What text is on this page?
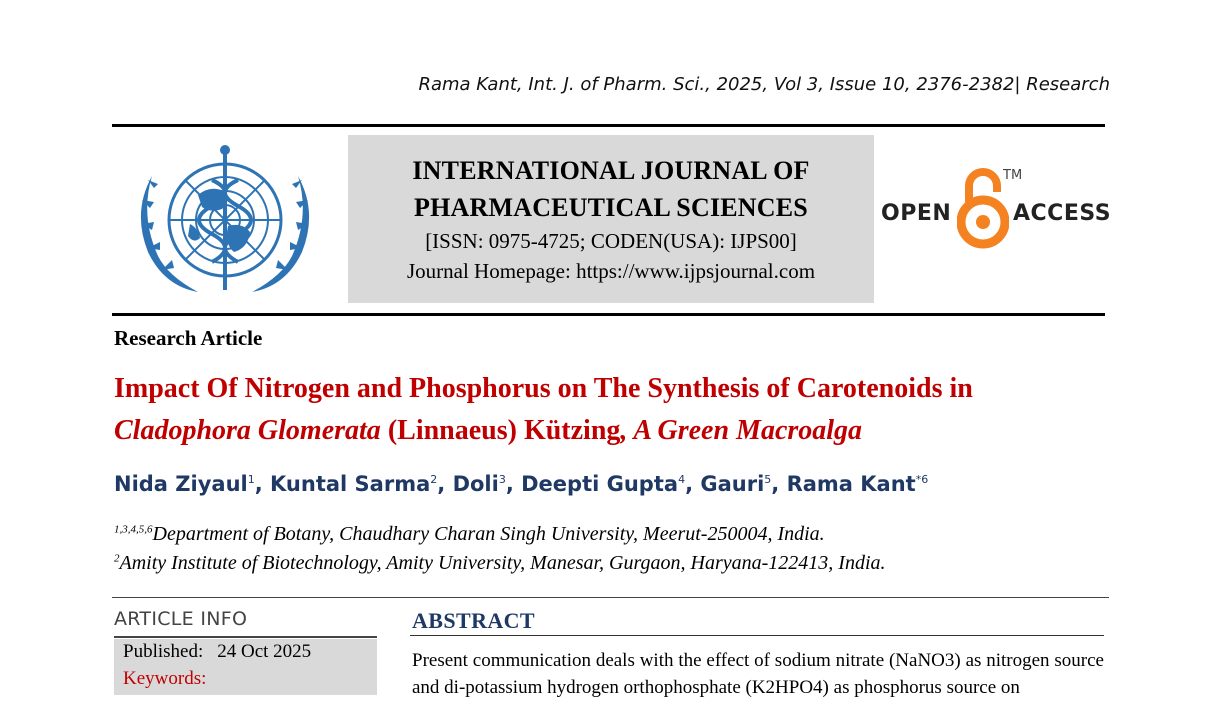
Rama Kant, Int. J. of Pharm. Sci., 2025, Vol 3, Issue 10, 2376-2382| Research
INTERNATIONAL JOURNAL OF
PHARMACEUTICAL SCIENCES
[ISSN: 0975-4725; CODEN(USA): IJPS00]
Journal Homepage: https://www.ijpsjournal.com
OPEN
TM
ACCESS
Research Article
Impact Of Nitrogen and Phosphorus on The Synthesis of Carotenoids in
Cladophora Glomerata (Linnaeus) Kützing, A Green Macroalga
Nida Ziyaul$^1$, Kuntal Sarma$^2$, Doli$^3$, Deepti Gupta$^4$, Gauri$^5$, Rama Kant$^{*6}$
$^{1,3,4,5,6}$Department of Botany, Chaudhary Charan Singh University, Meerut-250004, India.
$^2$Amity Institute of Biotechnology, Amity University, Manesar, Gurgaon, Haryana-122413, India.
ARTICLE INFO
Published: 24 Oct 2025
Keywords:
ABSTRACT
Present communication deals with the effect of sodium nitrate (NaNO3) as nitrogen source and di-potassium hydrogen orthophosphate (K2HPO4) as phosphorus source on
